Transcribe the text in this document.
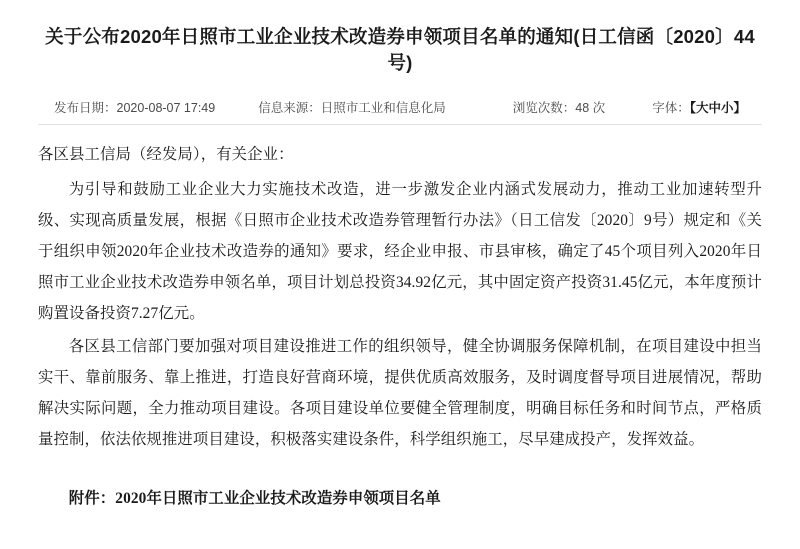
关于公布2020年日照市工业企业技术改造券申领项目名单的通知(日工信函〔2020〕44号)
发布日期：2020-08-07 17:49	信息来源：日照市工业和信息化局	浏览次数：48 次	字体：【大中小】

各区县工信局（经发局），有关企业：

为引导和鼓励工业企业大力实施技术改造，进一步激发企业内涵式发展动力，推动工业加速转型升级、实现高质量发展，根据《日照市企业技术改造券管理暂行办法》（日工信发〔2020〕9号）规定和《关于组织申领2020年企业技术改造券的通知》要求，经企业申报、市县审核，确定了45个项目列入2020年日照市工业企业技术改造券申领名单，项目计划总投资34.92亿元，其中固定资产投资31.45亿元，本年度预计购置设备投资7.27亿元。

各区县工信部门要加强对项目建设推进工作的组织领导，健全协调服务保障机制，在项目建设中担当实干、靠前服务、靠上推进，打造良好营商环境，提供优质高效服务，及时调度督导项目进展情况，帮助解决实际问题，全力推动项目建设。各项目建设单位要健全管理制度，明确目标任务和时间节点，严格质量控制，依法依规推进项目建设，积极落实建设条件，科学组织施工，尽早建成投产，发挥效益。

附件：2020年日照市工业企业技术改造券申领项目名单
